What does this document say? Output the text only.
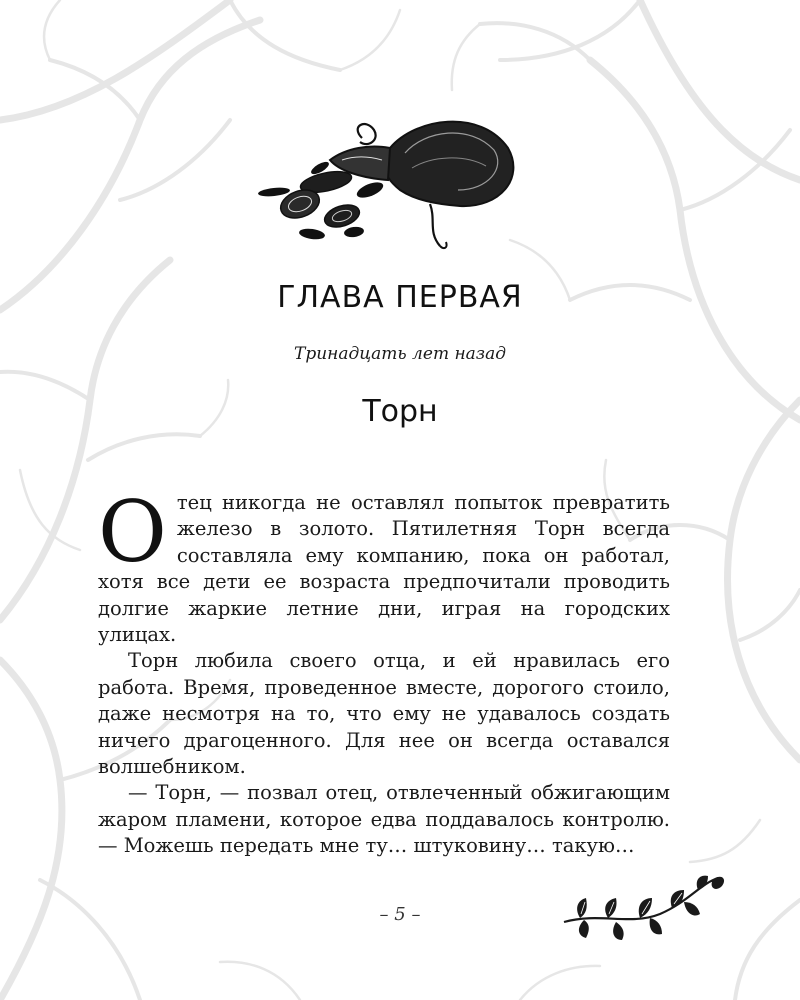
ГЛАВА ПЕРВАЯ
Тринадцать лет назад
Торн

Отец никогда не оставлял попыток превратить железо в золото. Пятилетняя Торн всегда составляла ему компанию, пока он работал, хотя все дети ее возраста предпочитали проводить долгие жаркие летние дни, играя на городских улицах.

Торн любила своего отца, и ей нравилась его работа. Время, проведенное вместе, дорогого стоило, даже несмотря на то, что ему не удавалось создать ничего драгоценного. Для нее он всегда оставался волшебником.

— Торн, — позвал отец, отвлеченный обжигающим жаром пламени, которое едва поддавалось контролю. — Можешь передать мне ту… штуковину… такую…

– 5 –
